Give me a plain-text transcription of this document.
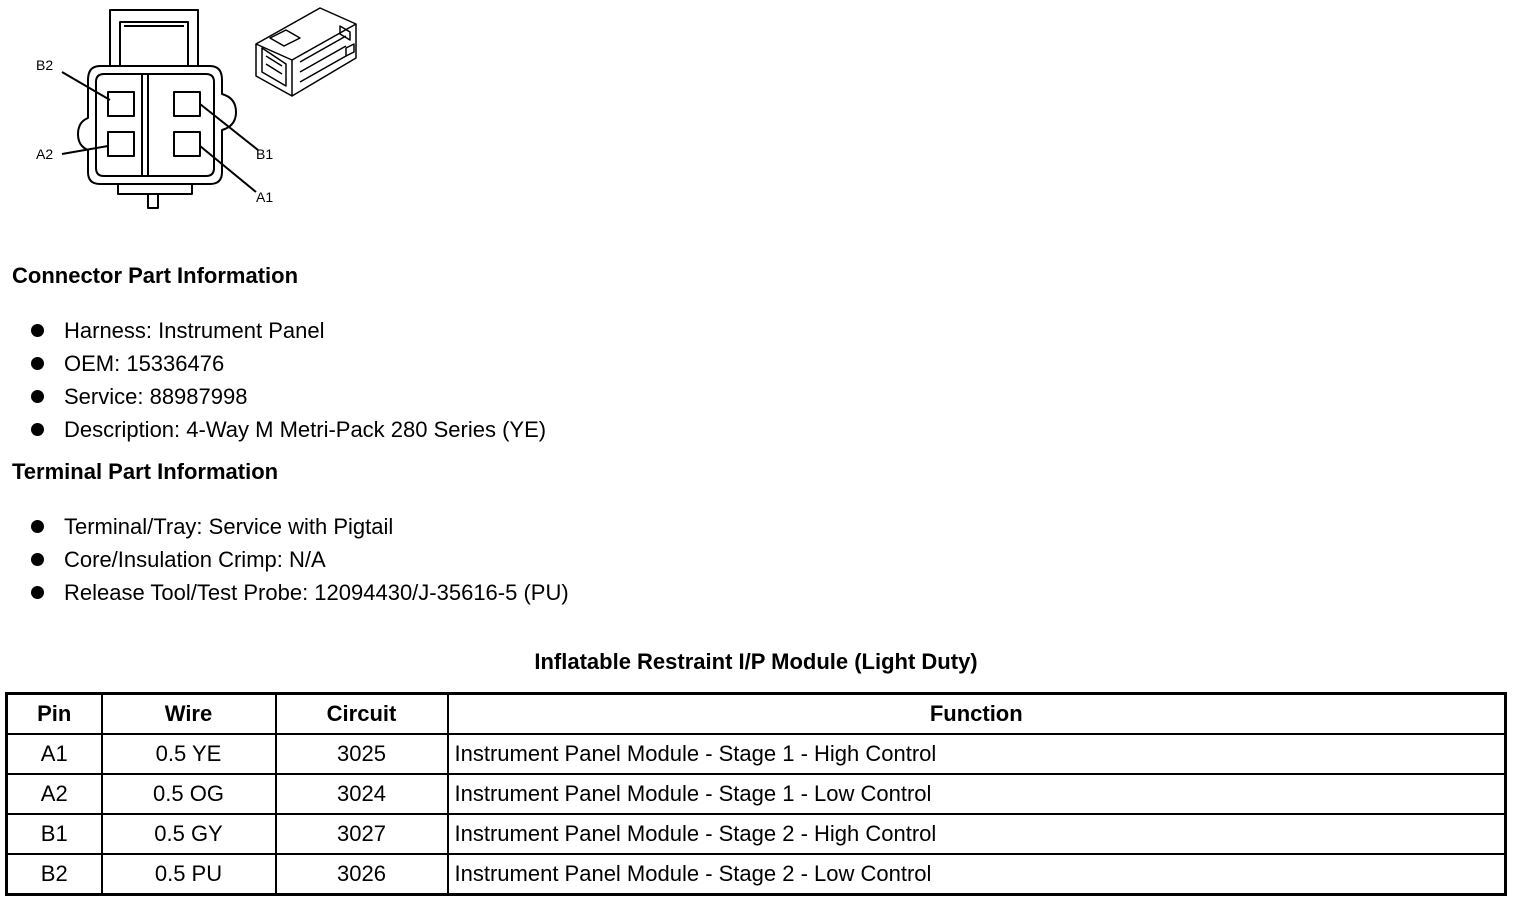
B2
A2	B1
A1
Connector Part Information
Harness: Instrument Panel
OEM: 15336476
Service: 88987998
Description: 4-Way M Metri-Pack 280 Series (YE)
Terminal Part Information
Terminal/Tray: Service with Pigtail
Core/Insulation Crimp: N/A
Release Tool/Test Probe: 12094430/J-35616-5 (PU)
Inflatable Restraint I/P Module (Light Duty)
Pin	Wire	Circuit	Function
A1	0.5 YE	3025	Instrument Panel Module - Stage 1 - High Control
A2	0.5 OG	3024	Instrument Panel Module - Stage 1 - Low Control
B1	0.5 GY	3027	Instrument Panel Module - Stage 2 - High Control
B2	0.5 PU	3026	Instrument Panel Module - Stage 2 - Low Control
